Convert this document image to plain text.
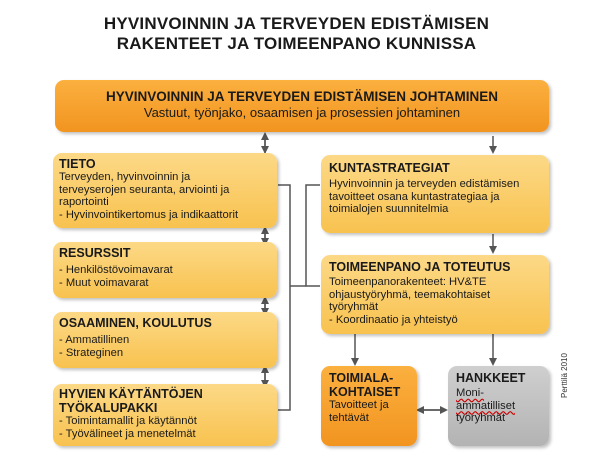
HYVINVOINNIN JA TERVEYDEN EDISTÄMISEN
RAKENTEET JA TOIMEENPANO KUNNISSA
HYVINVOINNIN JA TERVEYDEN EDISTÄMISEN JOHTAMINEN
Vastuut, työnjako, osaamisen ja prosessien johtaminen
TIETO
Terveyden, hyvinvoinnin ja
terveyserojen seuranta, arviointi ja
raportointi
- Hyvinvointikertomus ja indikaattorit
RESURSSIT
- Henkilöstövoimavarat
- Muut voimavarat
OSAAMINEN, KOULUTUS
- Ammatillinen
- Strateginen
HYVIEN KÄYTÄNTÖJEN
TYÖKALUPAKKI
- Toimintamallit ja käytännöt
- Työvälineet ja menetelmät
KUNTASTRATEGIAT
Hyvinvoinnin ja terveyden edistämisen
tavoitteet osana kuntastrategiaa ja
toimialojen suunnitelmia
TOIMEENPANO JA TOTEUTUS
Toimeenpanorakenteet: HV&TE
ohjaustyöryhmä, teemakohtaiset
työryhmät
- Koordinaatio ja yhteistyö
TOIMIALA-
KOHTAISET
Tavoitteet ja
tehtävät
HANKKEET
Moni-
ammatilliset
työryhmät
Perttilä 2010
